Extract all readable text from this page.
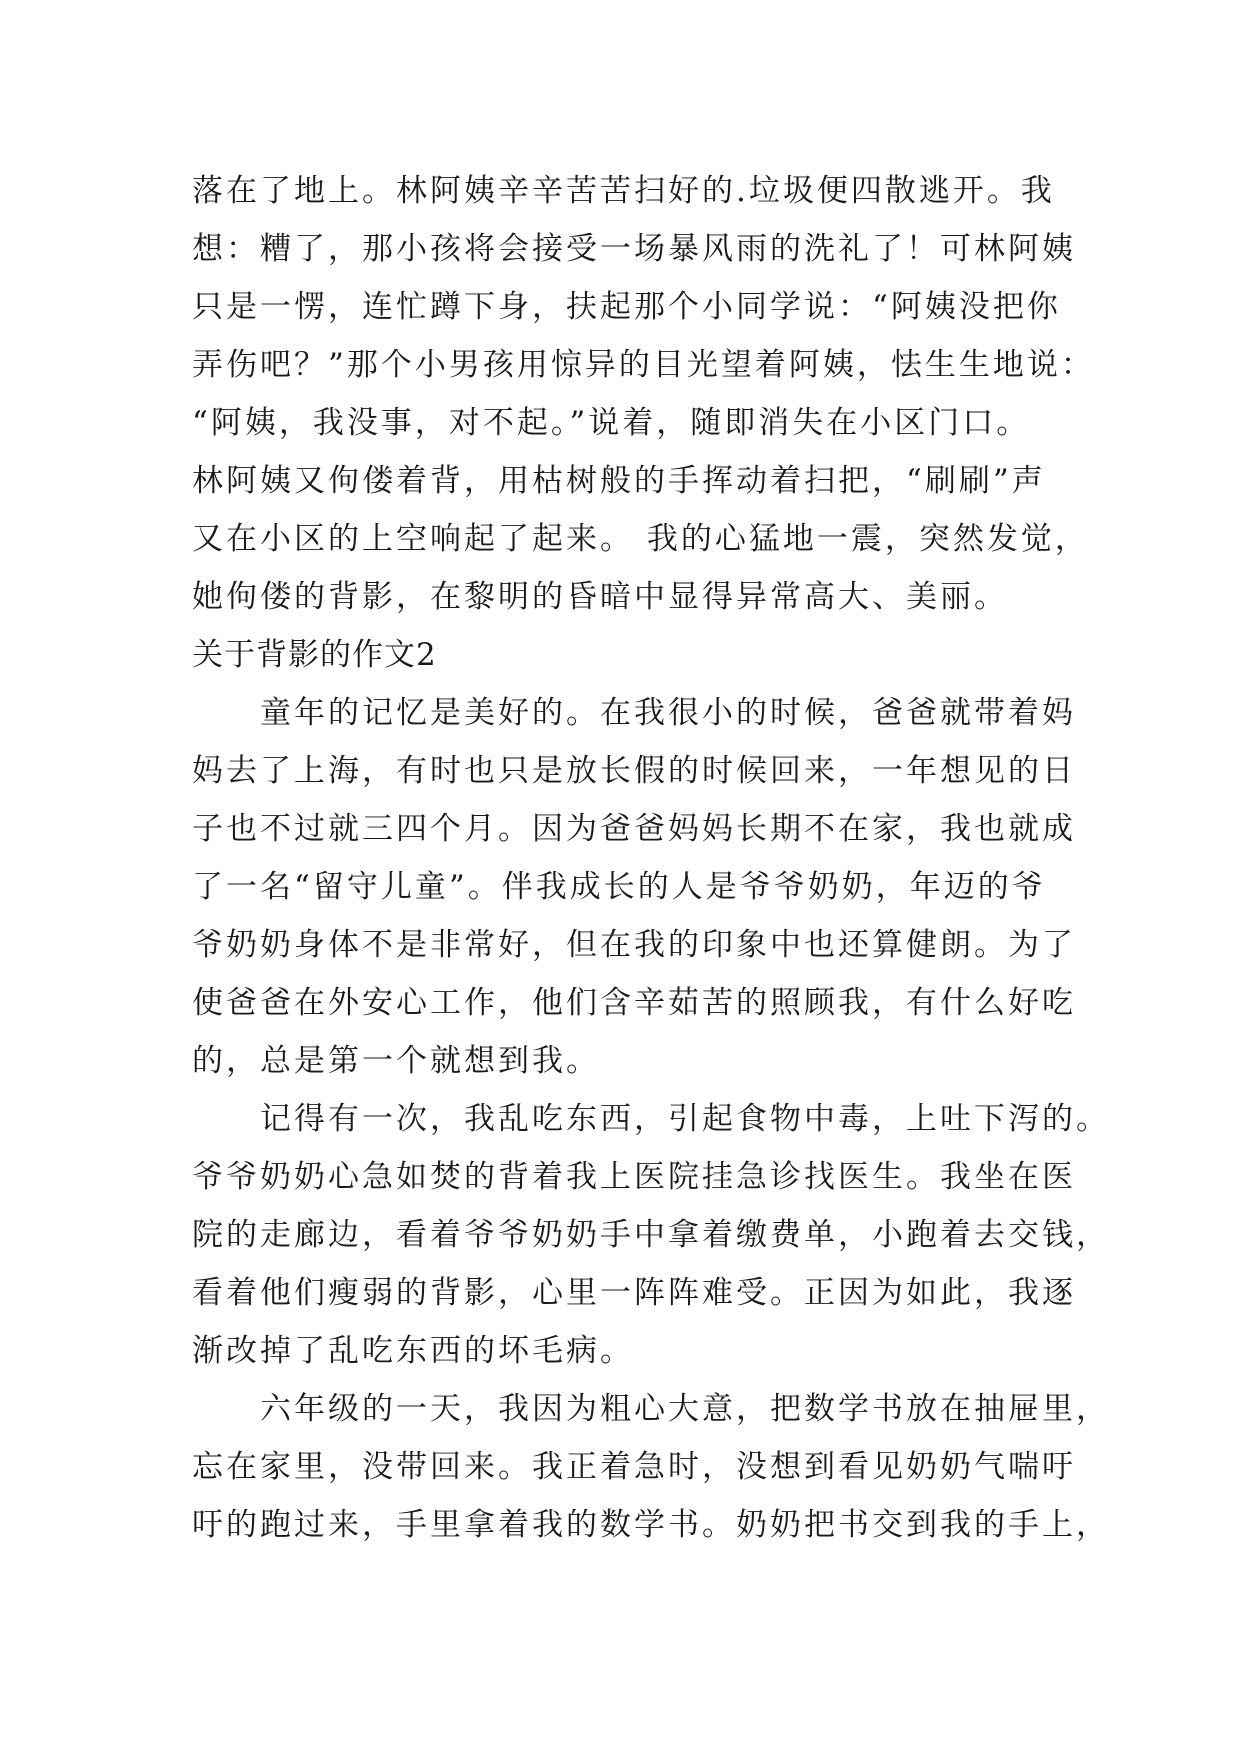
落在了地上。林阿姨辛辛苦苦扫好的.垃圾便四散逃开。我
想：糟了，那小孩将会接受一场暴风雨的洗礼了！可林阿姨
只是一愣，连忙蹲下身，扶起那个小同学说：“阿姨没把你
弄伤吧？”那个小男孩用惊异的目光望着阿姨，怯生生地说：
“阿姨，我没事，对不起。”说着，随即消失在小区门口。
林阿姨又佝偻着背，用枯树般的手挥动着扫把，“刷刷”声
又在小区的上空响起了起来。 我的心猛地一震，突然发觉，
她佝偻的背影，在黎明的昏暗中显得异常高大、美丽。
关于背影的作文2
童年的记忆是美好的。在我很小的时候，爸爸就带着妈
妈去了上海，有时也只是放长假的时候回来，一年想见的日
子也不过就三四个月。因为爸爸妈妈长期不在家，我也就成
了一名“留守儿童”。伴我成长的人是爷爷奶奶，年迈的爷
爷奶奶身体不是非常好，但在我的印象中也还算健朗。为了
使爸爸在外安心工作，他们含辛茹苦的照顾我，有什么好吃
的，总是第一个就想到我。
记得有一次，我乱吃东西，引起食物中毒，上吐下泻的。
爷爷奶奶心急如焚的背着我上医院挂急诊找医生。我坐在医
院的走廊边，看着爷爷奶奶手中拿着缴费单，小跑着去交钱，
看着他们瘦弱的背影，心里一阵阵难受。正因为如此，我逐
渐改掉了乱吃东西的坏毛病。
六年级的一天，我因为粗心大意，把数学书放在抽屉里，
忘在家里，没带回来。我正着急时，没想到看见奶奶气喘吁
吁的跑过来，手里拿着我的数学书。奶奶把书交到我的手上，
